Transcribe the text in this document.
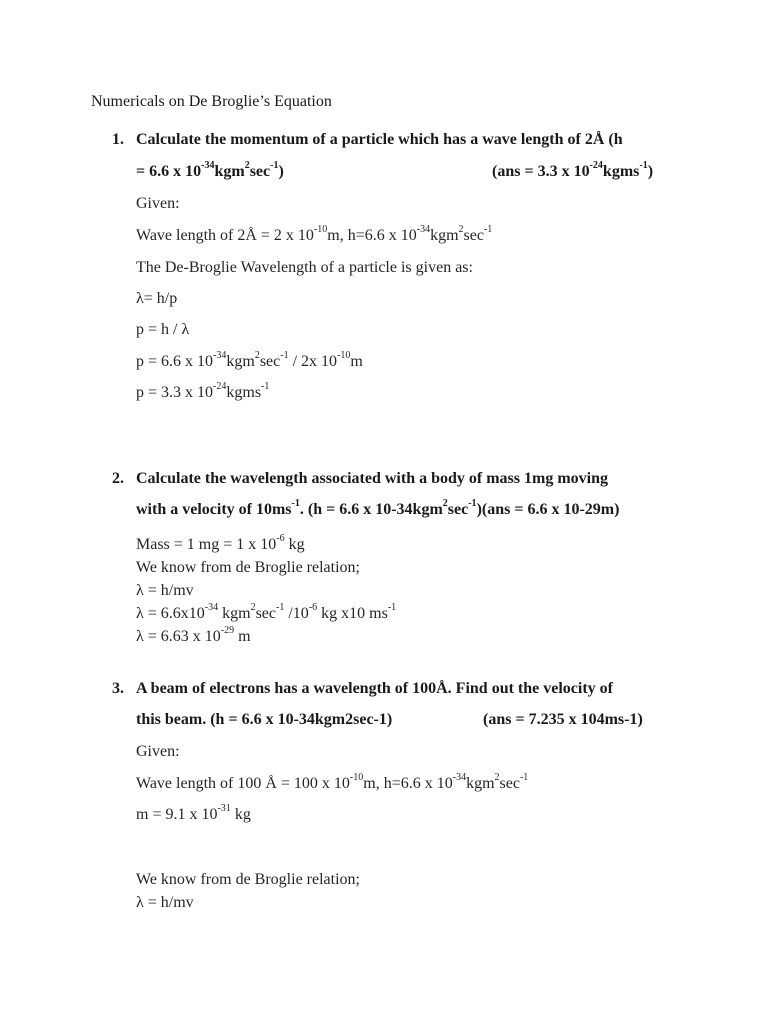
Numericals on De Broglie’s Equation
1. Calculate the momentum of a particle which has a wave length of 2Å (h
= 6.6 x $10^{-34}kgm^2\sec^{-1}$)	(ans = 3.3 x $10^{-24}kgms^{-1}$)
Given:
Wave length of 2Å = 2 x $10^{-10}m$, h=6.6 x $10^{-34}kgm^2\sec^{-1}$
The De-Broglie Wavelength of a particle is given as:
λ= h/p
p = h / λ
p = 6.6 x $10^{-34}kgm^2\sec^{-1} / 2x$ $10^{-10}m$
p = 3.3 x $10^{-24}kgms^{-1}$
2. Calculate the wavelength associated with a body of mass 1mg moving
with a velocity of $10ms^{-1}$. (h = 6.6 x $10-34kgm^2\sec^{-1})(ans = 6.6$ x 10-29m)
Mass = 1 mg = 1 x $10^{-6}$ kg
We know from de Broglie relation;
λ = h/mv
$\lambda = 6.6x10^{-34}$ $kgm^2\sec^{-1}$ $/10^{-6}$ kg x10 $ms^{-1}$
λ = 6.63 x $10^{-29}$ m
3. A beam of electrons has a wavelength of 100Å. Find out the velocity of
this beam. (h = 6.6 x 10-34kgm2sec-1)	(ans = 7.235 x 104ms-1)
Given:
Wave length of 100 Å = 100 x $10^{-10}m$, h=6.6 x $10^{-34}kgm^2\sec^{-1}$
m = 9.1 x $10^{-31}$ kg
We know from de Broglie relation;
λ = h/mv
